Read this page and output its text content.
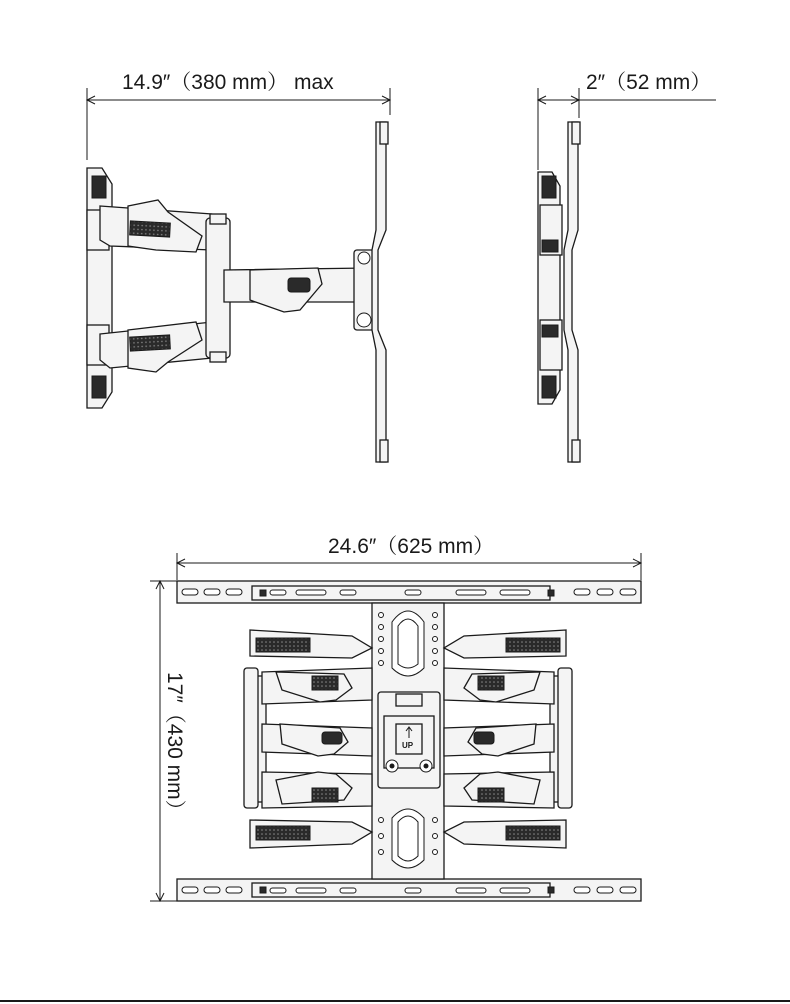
14.9″（380 mm） max	2″（52 mm）
24.6″（625 mm）
17″（430 mm）	UP
